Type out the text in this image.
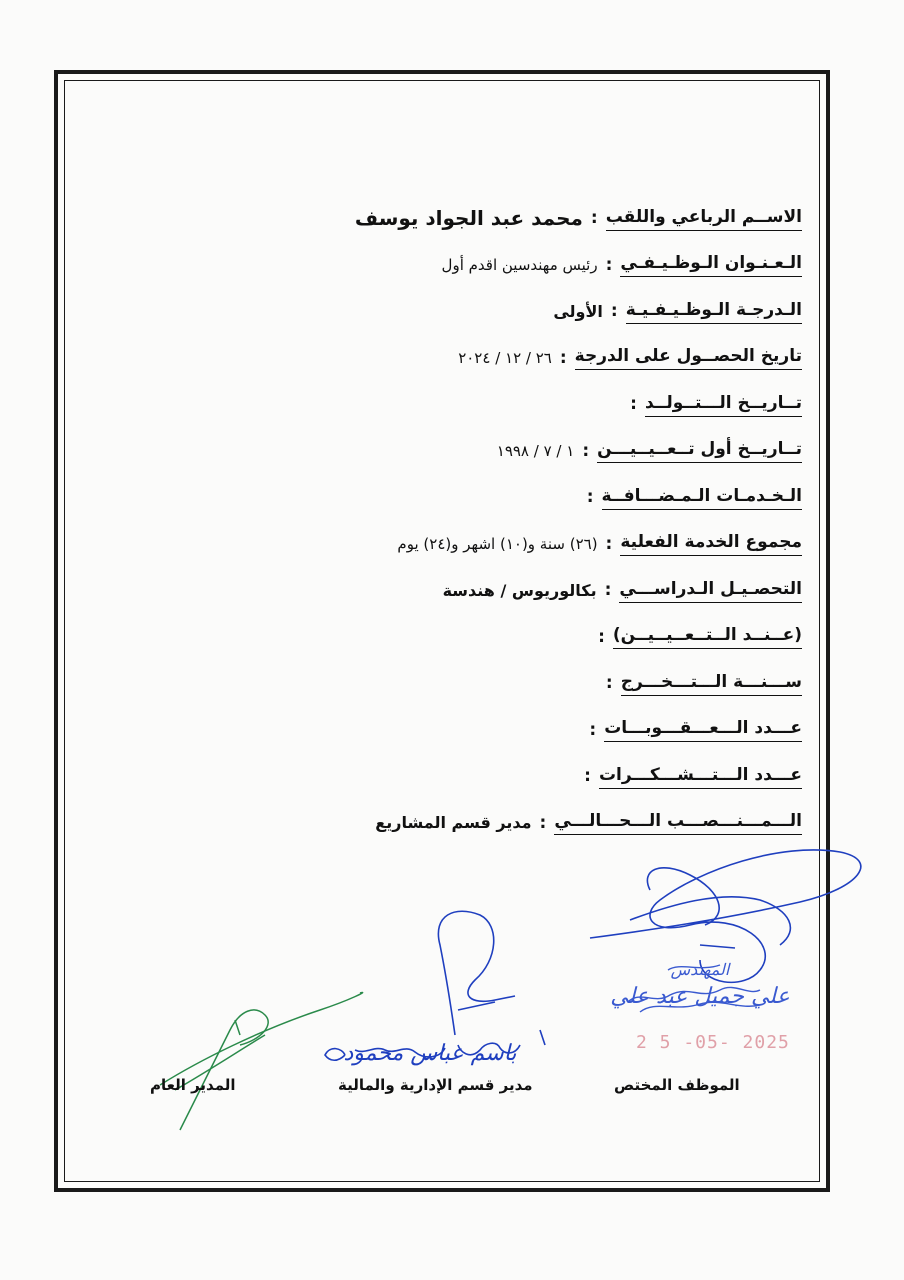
محمد عبد الجواد يوسف : الاســم الرباعي واللقب
رئيس مهندسين اقدم أول : الـعـنـوان الـوظـيـفـي
الأولى : الـدرجـة الـوظـيـفـيـة
٢٦ / ١٢ / ٢٠٢٤ : تاريخ الحصــول على الدرجة
: تــاريــخ الـــتــولــد
١ / ٧ / ١٩٩٨ : تــاريــخ أول تــعــيــيـــن
: الـخـدمـات الـمـضـــافــة
(٢٦) سنة و(١٠) اشهر و(٢٤) يوم : مجموع الخدمة الفعلية
بكالوريوس / هندسة : التحصـيـل الـدراســـي
: (عــنــد الــتــعــيــيــن)
: ســـنـــة الـــتـــخـــرج
: عـــدد الـــعـــقـــوبـــات
: عـــدد الـــتـــشـــكـــرات
مدير قسم المشاريع : الـــمـــنـــصـــب الـــحـــالـــي
المهندس
علي جميل عبد علي
باسم عباس محمود	2 5 -05- 2025
الموظف المختص
مدير قسم الإدارية والمالية
المدير العام
